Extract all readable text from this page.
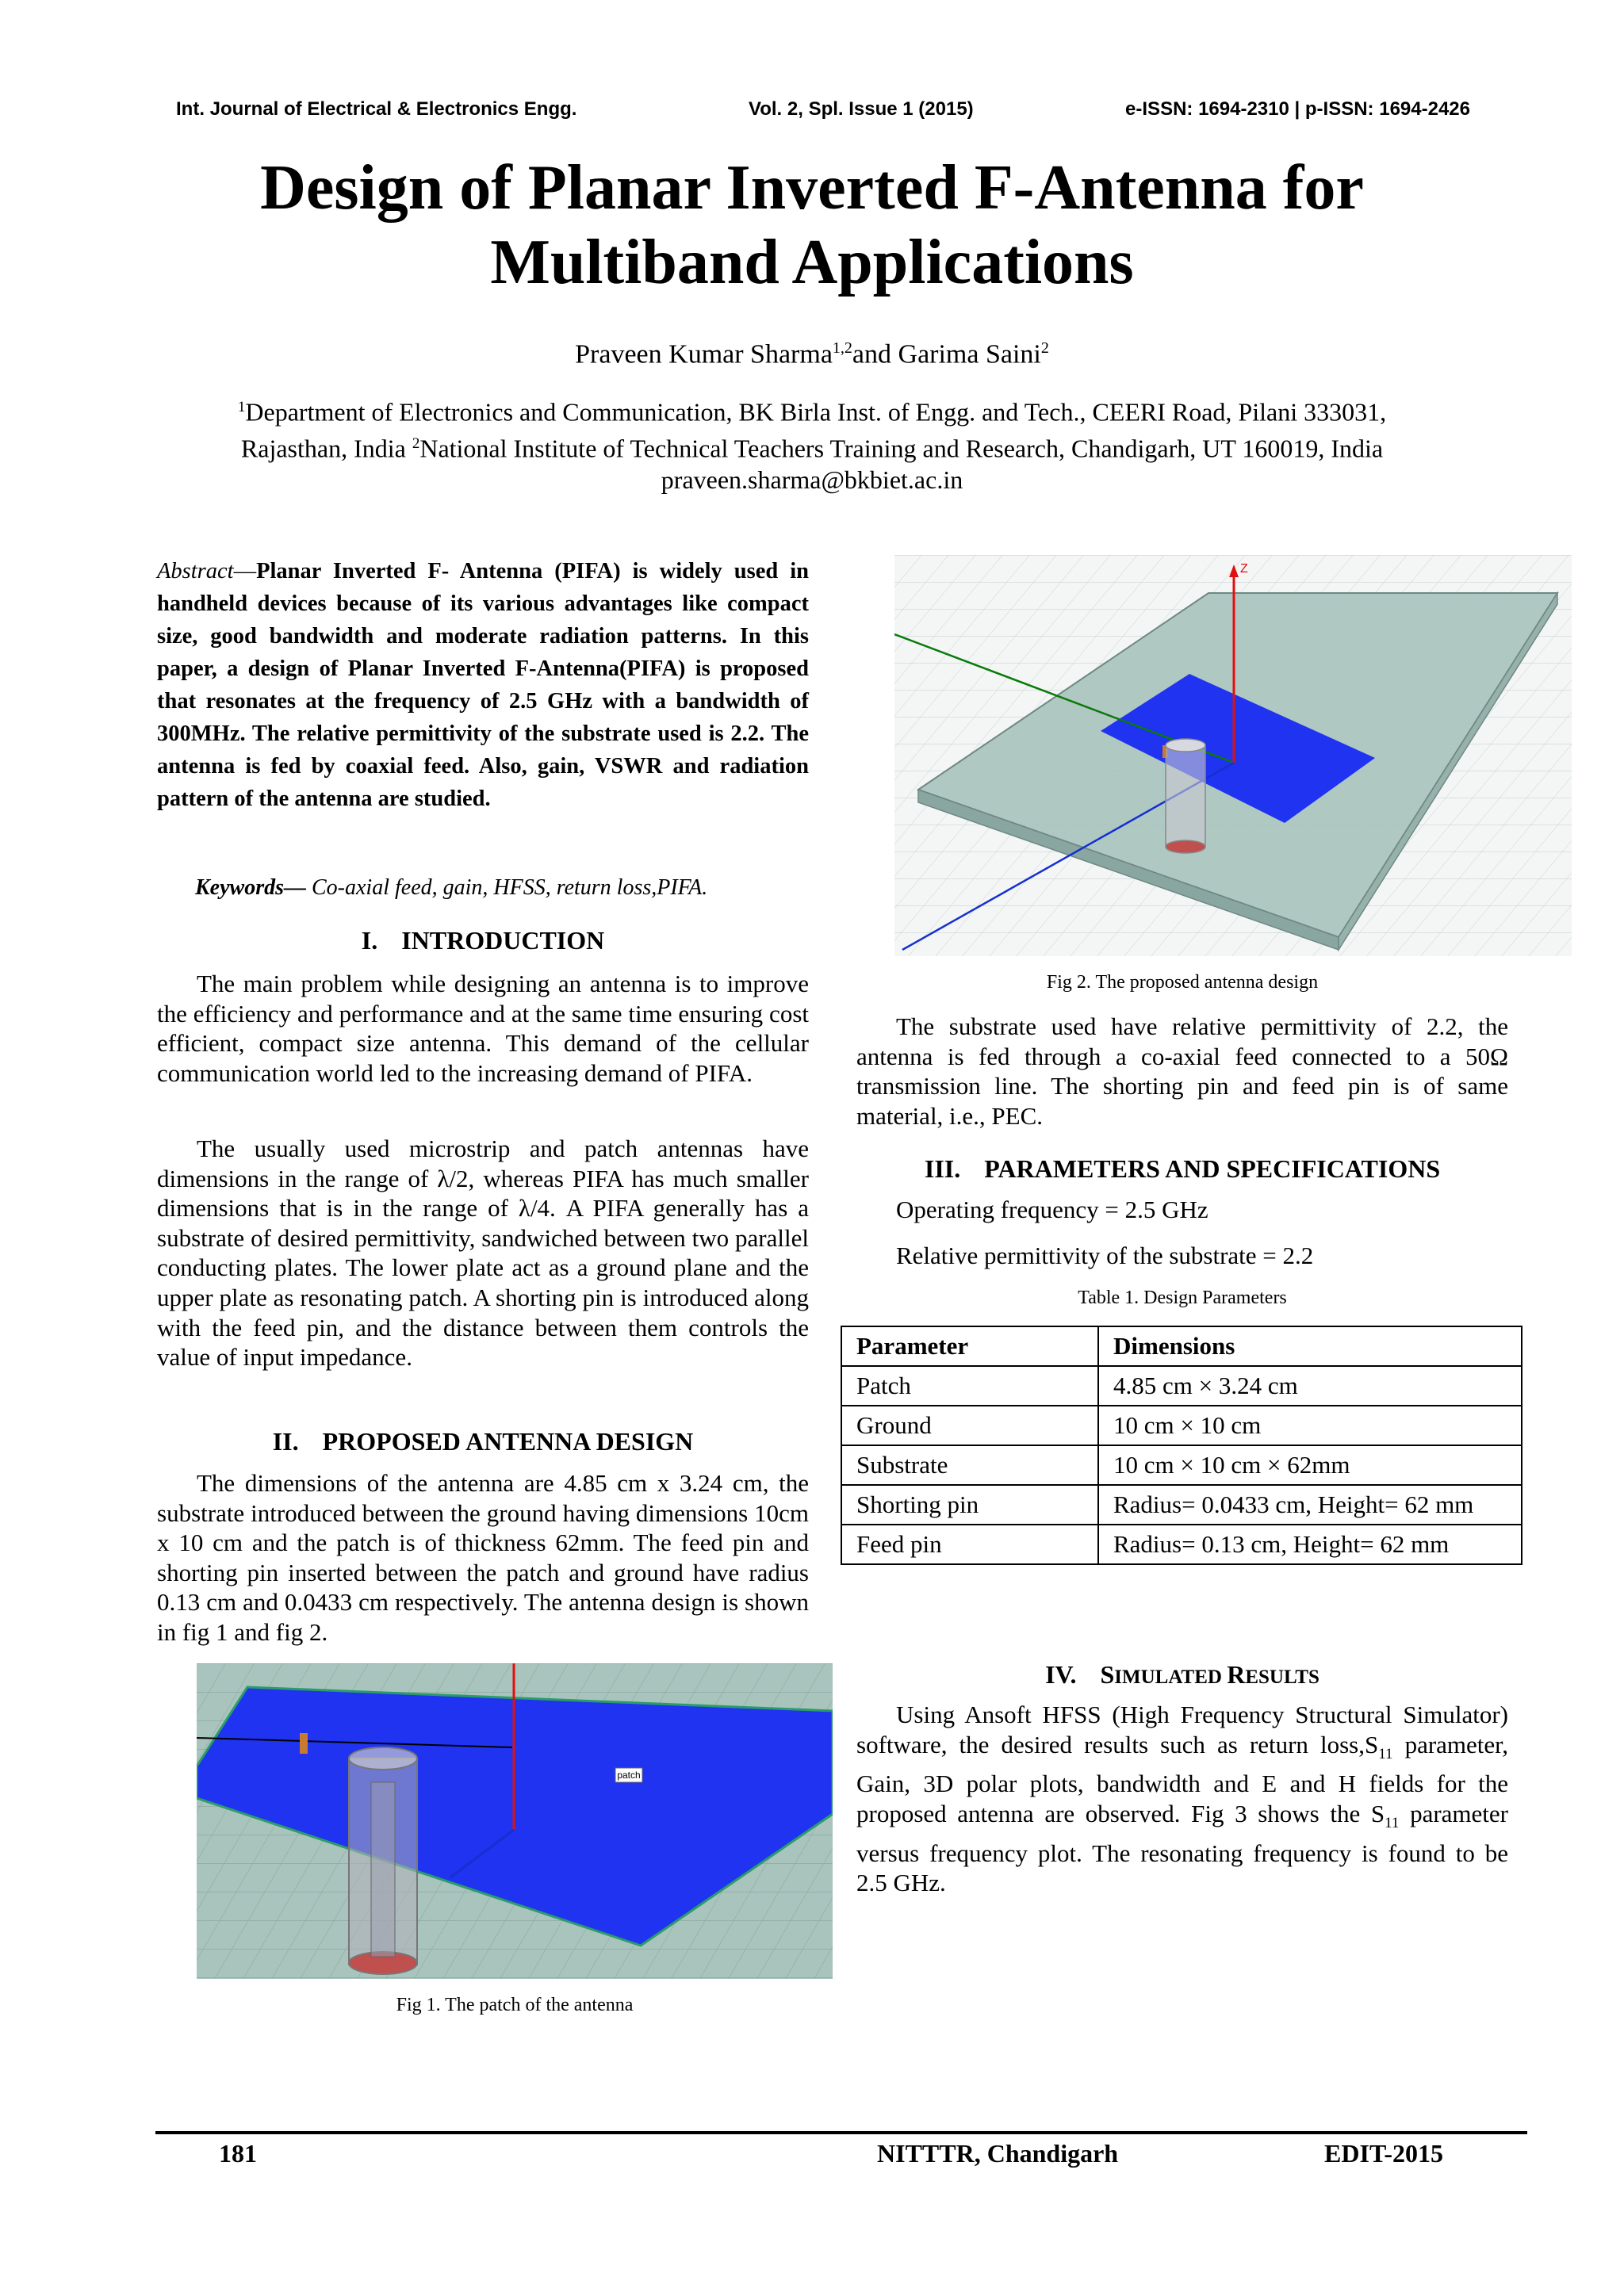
Int. Journal of Electrical & Electronics Engg.	Vol. 2, Spl. Issue 1 (2015)	e-ISSN: 1694-2310 | p-ISSN: 1694-2426
Design of Planar Inverted F-Antenna for
Multiband Applications
Praveen Kumar Sharma$^{1,2}$and Garima Saini$^2$
$^1$Department of Electronics and Communication, BK Birla Inst. of Engg. and Tech., CEERI Road, Pilani 333031,
Rajasthan, India $^2$National Institute of Technical Teachers Training and Research, Chandigarh, UT 160019, India
praveen.sharma@bkbiet.ac.in
Abstract—Planar Inverted F- Antenna (PIFA) is widely used in handheld devices because of its various advantages like compact size, good bandwidth and moderate radiation patterns. In this paper, a design of Planar Inverted F-Antenna(PIFA) is proposed that resonates at the frequency of 2.5 GHz with a bandwidth of 300MHz. The relative permittivity of the substrate used is 2.2. The antenna is fed by coaxial feed. Also, gain, VSWR and radiation pattern of the antenna are studied.
Keywords— Co-axial feed, gain, HFSS, return loss,PIFA.
I. INTRODUCTION

The main problem while designing an antenna is to improve the efficiency and performance and at the same time ensuring cost efficient, compact size antenna. This demand of the cellular communication world led to the increasing demand of PIFA.

The usually used microstrip and patch antennas have dimensions in the range of λ/2, whereas PIFA has much smaller dimensions that is in the range of λ/4. A PIFA generally has a substrate of desired permittivity, sandwiched between two parallel conducting plates. The lower plate act as a ground plane and the upper plate as resonating patch. A shorting pin is introduced along with the feed pin, and the distance between them controls the value of input impedance.

II. PROPOSED ANTENNA DESIGN

The dimensions of the antenna are 4.85 cm x 3.24 cm, the substrate introduced between the ground having dimensions 10cm x 10 cm and the patch is of thickness 62mm. The feed pin and shorting pin inserted between the patch and ground have radius 0.13 cm and 0.0433 cm respectively. The antenna design is shown in fig 1 and fig 2.

patch
Fig 1. The patch of the antenna
Z
Fig 2. The proposed antenna design

The substrate used have relative permittivity of 2.2, the antenna is fed through a co-axial feed connected to a 50Ω transmission line. The shorting pin and feed pin is of same material, i.e., PEC.

III. PARAMETERS AND SPECIFICATIONS
Operating frequency = 2.5 GHz
Relative permittivity of the substrate = 2.2
Table 1. Design Parameters
Parameter	Dimensions
Patch	4.85 cm × 3.24 cm
Ground	10 cm × 10 cm
Substrate	10 cm × 10 cm × 62mm
Shorting pin	Radius= 0.0433 cm, Height= 62 mm
Feed pin	Radius= 0.13 cm, Height= 62 mm
IV. SIMULATED RESULTS

Using Ansoft HFSS (High Frequency Structural Simulator) software, the desired results such as return $loss,S_{11}$ parameter, Gain, 3D polar plots, bandwidth and E and H fields for the proposed antenna are observed. Fig 3 shows the $S_{11}$ parameter versus frequency plot. The resonating frequency is found to be 2.5 GHz.

181	NITTTR, Chandigarh	EDIT-2015
